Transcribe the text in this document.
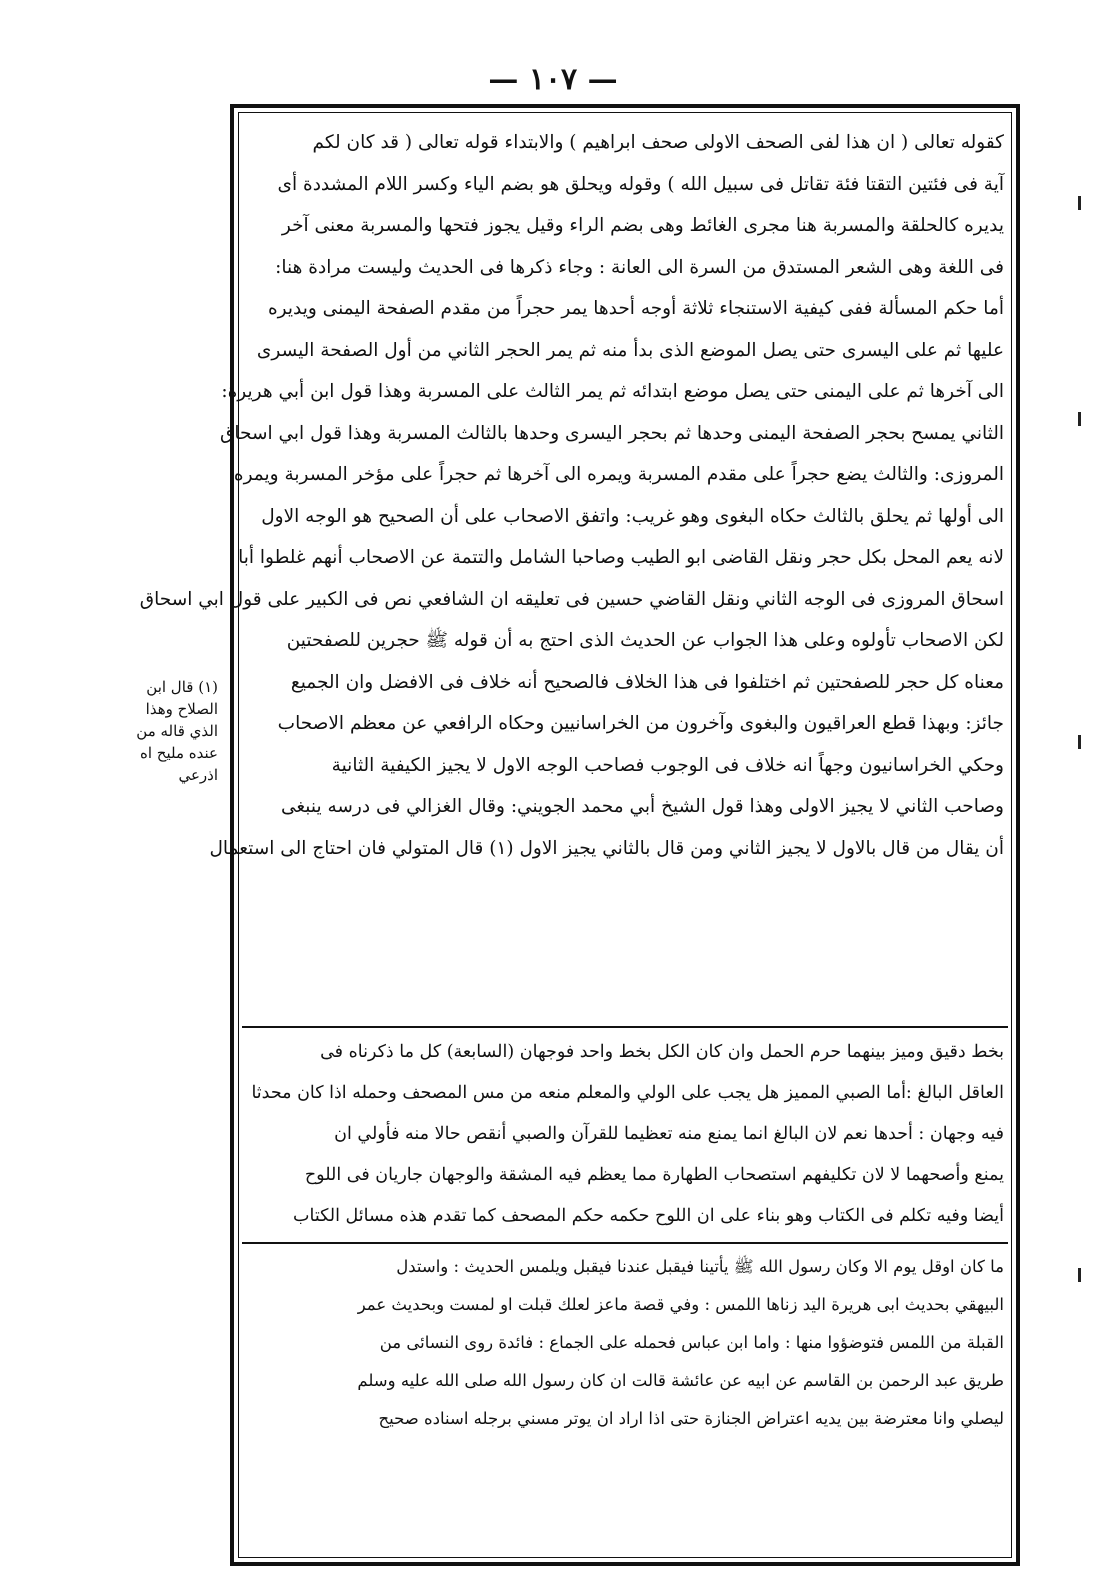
— ١٠٧ —
(١) قال ابن
الصلاح وهذا
الذي قاله من
عنده مليح اه
اذرعي
كقوله تعالى ( ان هذا لفى الصحف الاولى صحف ابراهيم ) والابتداء قوله تعالى ( قد كان لكم
آية فى فئتين التقتا فئة تقاتل فى سبيل الله ) وقوله ويحلق هو بضم الياء وكسر اللام المشددة أى
يديره كالحلقة والمسربة هنا مجرى الغائط وهى بضم الراء وقيل يجوز فتحها والمسربة معنى آخر
فى اللغة وهى الشعر المستدق من السرة الى العانة : وجاء ذكرها فى الحديث وليست مرادة هنا:
أما حكم المسألة ففى كيفية الاستنجاء ثلاثة أوجه أحدها يمر حجراً من مقدم الصفحة اليمنى ويديره
عليها ثم على اليسرى حتى يصل الموضع الذى بدأ منه ثم يمر الحجر الثاني من أول الصفحة اليسرى
الى آخرها ثم على اليمنى حتى يصل موضع ابتدائه ثم يمر الثالث على المسربة وهذا قول ابن أبي هريرة:
الثاني يمسح بحجر الصفحة اليمنى وحدها ثم بحجر اليسرى وحدها بالثالث المسربة وهذا قول ابي اسحاق
المروزى: والثالث يضع حجراً على مقدم المسربة ويمره الى آخرها ثم حجراً على مؤخر المسربة ويمره
الى أولها ثم يحلق بالثالث حكاه البغوى وهو غريب: واتفق الاصحاب على أن الصحيح هو الوجه الاول
لانه يعم المحل بكل حجر ونقل القاضى ابو الطيب وصاحبا الشامل والتتمة عن الاصحاب أنهم غلطوا أبا
اسحاق المروزى فى الوجه الثاني ونقل القاضي حسين فى تعليقه ان الشافعي نص فى الكبير على قول ابي اسحاق
لكن الاصحاب تأولوه وعلى هذا الجواب عن الحديث الذى احتج به أن قوله ﷺ حجرين للصفحتين
معناه كل حجر للصفحتين ثم اختلفوا فى هذا الخلاف فالصحيح أنه خلاف فى الافضل وان الجميع
جائز: وبهذا قطع العراقيون والبغوى وآخرون من الخراسانيين وحكاه الرافعي عن معظم الاصحاب
وحكي الخراسانيون وجهاً انه خلاف فى الوجوب فصاحب الوجه الاول لا يجيز الكيفية الثانية
وصاحب الثاني لا يجيز الاولى وهذا قول الشيخ أبي محمد الجويني: وقال الغزالي فى درسه ينبغى
أن يقال من قال بالاول لا يجيز الثاني ومن قال بالثاني يجيز الاول (١) قال المتولي فان احتاج الى استعمال
بخط دقيق وميز بينهما حرم الحمل وان كان الكل بخط واحد فوجهان (السابعة) كل ما ذكرناه فى
العاقل البالغ :أما الصبي المميز هل يجب على الولي والمعلم منعه من مس المصحف وحمله اذا كان محدثا
فيه وجهان : أحدها نعم لان البالغ انما يمنع منه تعظيما للقرآن والصبي أنقص حالا منه فأولي ان
يمنع وأصحهما لا لان تكليفهم استصحاب الطهارة مما يعظم فيه المشقة والوجهان جاريان فى اللوح
أيضا وفيه تكلم فى الكتاب وهو بناء على ان اللوح حكمه حكم المصحف كما تقدم هذه مسائل الكتاب
ما كان اوقل يوم الا وكان رسول الله ﷺ يأتينا فيقبل عندنا فيقبل ويلمس الحديث : واستدل
البيهقي بحديث ابى هريرة اليد زناها اللمس : وفي قصة ماعز لعلك قبلت او لمست وبحديث عمر
القبلة من اللمس فتوضؤوا منها : واما ابن عباس فحمله على الجماع : فائدة روى النسائى من
طريق عبد الرحمن بن القاسم عن ابيه عن عائشة قالت ان كان رسول الله صلى الله عليه وسلم
ليصلي وانا معترضة بين يديه اعتراض الجنازة حتى اذا اراد ان يوتر مسني برجله اسناده صحيح
